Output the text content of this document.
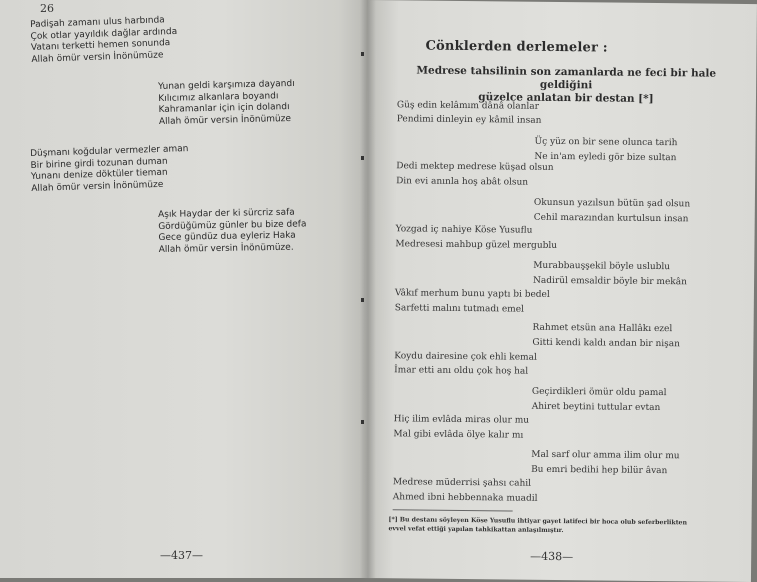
26
Padişah zamanı ulus harbında
Çok otlar yayıldık dağlar ardında
Vatanı terketti hemen sonunda
Allah ömür versin İnönümüze
Yunan geldi karşımıza dayandı
Kılıcımız alkanlara boyandı
Kahramanlar için için dolandı
Allah ömür versin İnönümüze
Düşmanı koğdular vermezler aman
Bir birine girdi tozunan duman
Yunanı denize döktüler tieman
Allah ömür versin İnönümüze
Aşık Haydar der ki sürcriz safa
Gördüğümüz günler bu bize defa
Gece gündüz dua eyleriz Haka
Allah ömür versin İnönümüze.
—437—
Cönklerden derlemeler :
Medrese tahsilinin son zamanlarda ne feci bir hale geldiğini
güzelce anlatan bir destan [*]
Güş edin kelâmım dânâ olanlar
Pendimi dinleyin ey kâmil insan
Üç yüz on bir sene olunca tarih
Ne in'am eyledi gör bize sultan
Dedi mektep medrese küşad olsun
Din evi anınla hoş abât olsun
Okunsun yazılsun bütün şad olsun
Cehil marazından kurtulsun insan
Yozgad iç nahiye Köse Yusuflu
Medresesi mahbup güzel mergublu
Murabbauşşekil böyle uslublu
Nadirül emsaldir böyle bir mekân
Vâkıf merhum bunu yaptı bi bedel
Sarfetti malını tutmadı emel
Rahmet etsün ana Hallâkı ezel
Gitti kendi kaldı andan bir nişan
Koydu dairesine çok ehli kemal
İmar etti anı oldu çok hoş hal
Geçirdikleri ömür oldu pamal
Ahiret beytini tuttular evtan
Hiç ilim evlâda miras olur mu
Mal gibi evlâda ölye kalır mı
Mal sarf olur amma ilim olur mu
Bu emri bedihi hep bilür âvan
Medrese müderrisi şahsı cahil
Ahmed ibni hebbennaka muadil
[*] Bu destanı söyleyen Köse Yusuflu ihtiyar gayet latifeci bir hoca olub seferberlikten
evvel vefat ettiği yapılan tahkikattan anlaşılmıştır.
—438—
